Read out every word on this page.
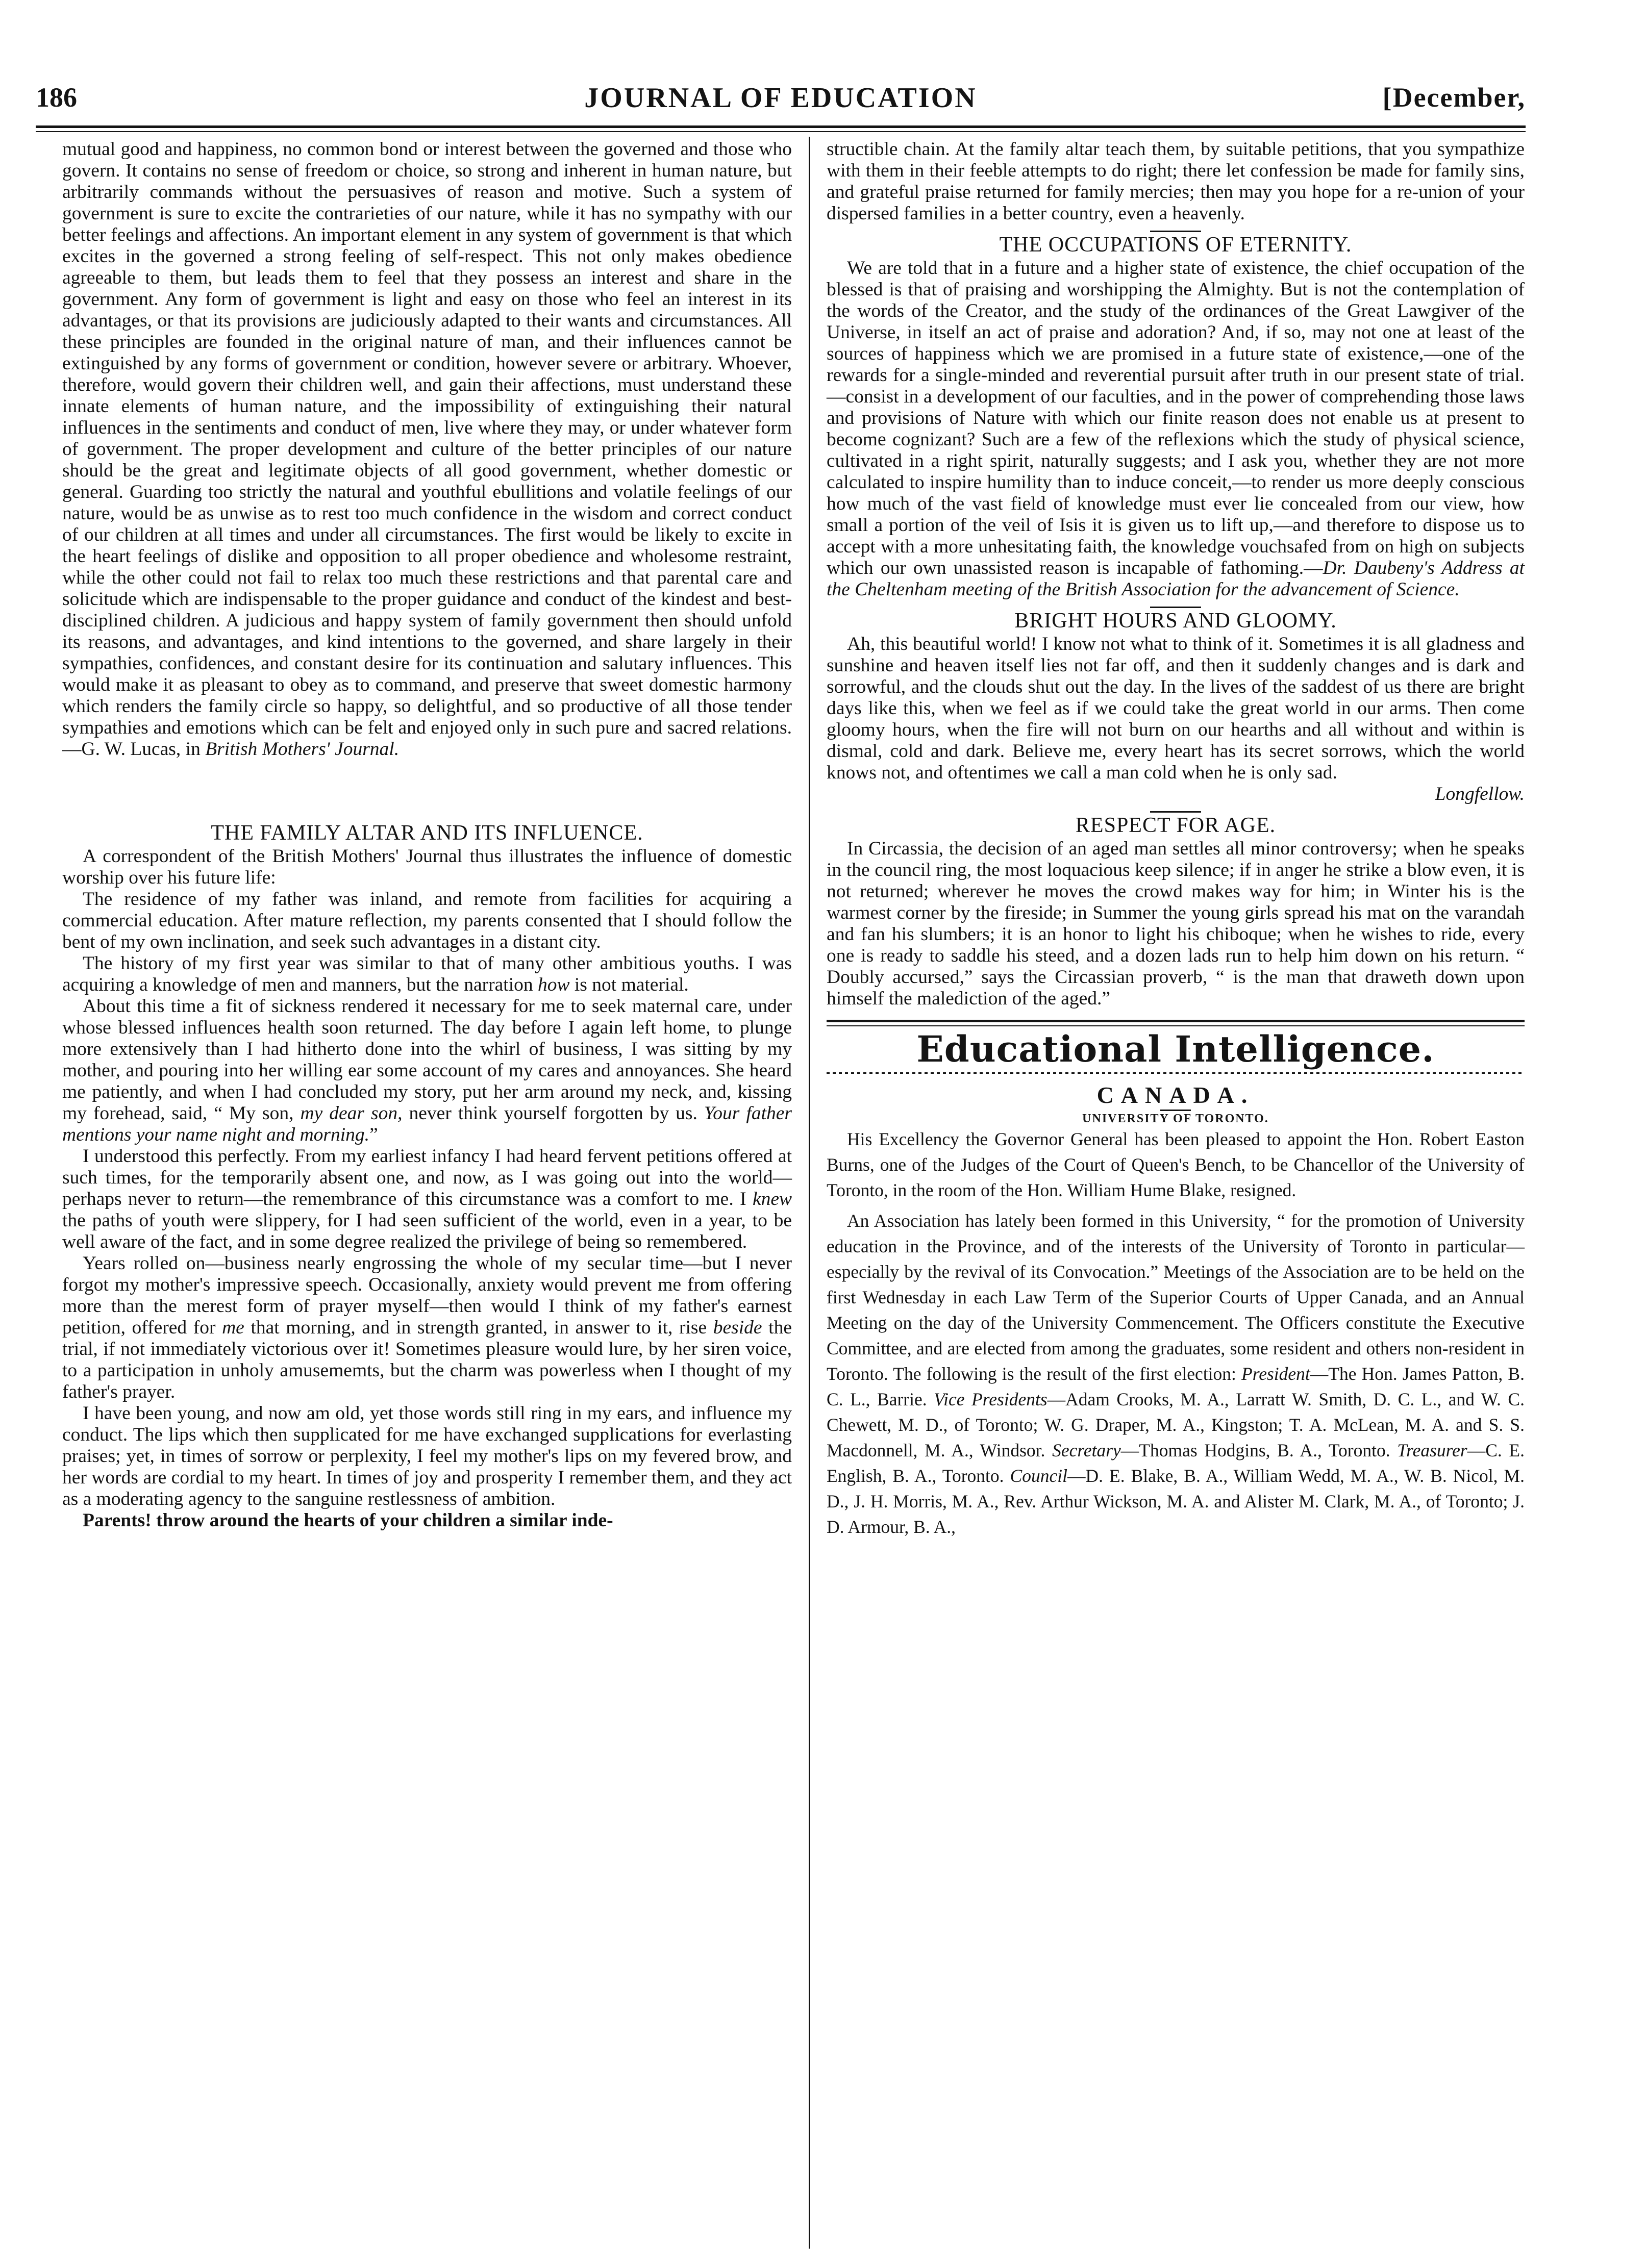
186	JOURNAL OF EDUCATION	[December,

mutual good and happiness, no common bond or interest between the governed and those who govern. It contains no sense of freedom or choice, so strong and inherent in human nature, but arbitrarily commands without the persuasives of reason and motive. Such a system of government is sure to excite the contrarieties of our nature, while it has no sympathy with our better feelings and affections. An important element in any system of government is that which excites in the governed a strong feeling of self-respect. This not only makes obedience agreeable to them, but leads them to feel that they possess an interest and share in the government. Any form of government is light and easy on those who feel an interest in its advantages, or that its provisions are judiciously adapted to their wants and circumstances. All these principles are founded in the original nature of man, and their influences cannot be extinguished by any forms of government or condition, however severe or arbitrary. Whoever, therefore, would govern their children well, and gain their affections, must understand these innate elements of human nature, and the impossibility of extinguishing their natural influences in the sentiments and conduct of men, live where they may, or under whatever form of government. The proper development and culture of the better principles of our nature should be the great and legitimate objects of all good government, whether domestic or general. Guarding too strictly the natural and youthful ebullitions and volatile feelings of our nature, would be as unwise as to rest too much confidence in the wisdom and correct conduct of our children at all times and under all circumstances. The first would be likely to excite in the heart feelings of dislike and opposition to all proper obedience and wholesome restraint, while the other could not fail to relax too much these restrictions and that parental care and solicitude which are indispensable to the proper guidance and conduct of the kindest and best-disciplined children. A judicious and happy system of family government then should unfold its reasons, and advantages, and kind intentions to the governed, and share largely in their sympathies, confidences, and constant desire for its continuation and salutary influences. This would make it as pleasant to obey as to command, and preserve that sweet domestic harmony which renders the family circle so happy, so delightful, and so productive of all those tender sympathies and emotions which can be felt and enjoyed only in such pure and sacred relations.—G. W. Lucas, in British Mothers' Journal.

THE FAMILY ALTAR AND ITS INFLUENCE.

A correspondent of the British Mothers' Journal thus illustrates the influence of domestic worship over his future life:

The residence of my father was inland, and remote from facilities for acquiring a commercial education. After mature reflection, my parents consented that I should follow the bent of my own inclination, and seek such advantages in a distant city.

The history of my first year was similar to that of many other ambitious youths. I was acquiring a knowledge of men and manners, but the narration how is not material.

About this time a fit of sickness rendered it necessary for me to seek maternal care, under whose blessed influences health soon returned. The day before I again left home, to plunge more extensively than I had hitherto done into the whirl of business, I was sitting by my mother, and pouring into her willing ear some account of my cares and annoyances. She heard me patiently, and when I had concluded my story, put her arm around my neck, and, kissing my forehead, said, “ My son, my dear son, never think yourself forgotten by us. Your father mentions your name night and morning.”

I understood this perfectly. From my earliest infancy I had heard fervent petitions offered at such times, for the temporarily absent one, and now, as I was going out into the world—perhaps never to return—the remembrance of this circumstance was a comfort to me. I knew the paths of youth were slippery, for I had seen sufficient of the world, even in a year, to be well aware of the fact, and in some degree realized the privilege of being so remembered.

Years rolled on—business nearly engrossing the whole of my secular time—but I never forgot my mother's impressive speech. Occasionally, anxiety would prevent me from offering more than the merest form of prayer myself—then would I think of my father's earnest petition, offered for me that morning, and in strength granted, in answer to it, rise beside the trial, if not immediately victorious over it! Sometimes pleasure would lure, by her siren voice, to a participation in unholy amusememts, but the charm was powerless when I thought of my father's prayer.

I have been young, and now am old, yet those words still ring in my ears, and influence my conduct. The lips which then supplicated for me have exchanged supplications for everlasting praises; yet, in times of sorrow or perplexity, I feel my mother's lips on my fevered brow, and her words are cordial to my heart. In times of joy and prosperity I remember them, and they act as a moderating agency to the sanguine restlessness of ambition.

Parents! throw around the hearts of your children a similar inde-

structible chain. At the family altar teach them, by suitable petitions, that you sympathize with them in their feeble attempts to do right; there let confession be made for family sins, and grateful praise returned for family mercies; then may you hope for a re-union of your dispersed families in a better country, even a heavenly.

THE OCCUPATIONS OF ETERNITY.

We are told that in a future and a higher state of existence, the chief occupation of the blessed is that of praising and worshipping the Almighty. But is not the contemplation of the words of the Creator, and the study of the ordinances of the Great Lawgiver of the Universe, in itself an act of praise and adoration? And, if so, may not one at least of the sources of happiness which we are promised in a future state of existence,—one of the rewards for a single-minded and reverential pursuit after truth in our present state of trial.—consist in a development of our faculties, and in the power of comprehending those laws and provisions of Nature with which our finite reason does not enable us at present to become cognizant? Such are a few of the reflexions which the study of physical science, cultivated in a right spirit, naturally suggests; and I ask you, whether they are not more calculated to inspire humility than to induce conceit,—to render us more deeply conscious how much of the vast field of knowledge must ever lie concealed from our view, how small a portion of the veil of Isis it is given us to lift up,—and therefore to dispose us to accept with a more unhesitating faith, the knowledge vouchsafed from on high on subjects which our own unassisted reason is incapable of fathoming.—Dr. Daubeny's Address at the Cheltenham meeting of the British Association for the advancement of Science.

BRIGHT HOURS AND GLOOMY.

Ah, this beautiful world! I know not what to think of it. Sometimes it is all gladness and sunshine and heaven itself lies not far off, and then it suddenly changes and is dark and sorrowful, and the clouds shut out the day. In the lives of the saddest of us there are bright days like this, when we feel as if we could take the great world in our arms. Then come gloomy hours, when the fire will not burn on our hearths and all without and within is dismal, cold and dark. Believe me, every heart has its secret sorrows, which the world knows not, and oftentimes we call a man cold when he is only sad.

Longfellow.
RESPECT FOR AGE.

In Circassia, the decision of an aged man settles all minor controversy; when he speaks in the council ring, the most loquacious keep silence; if in anger he strike a blow even, it is not returned; wherever he moves the crowd makes way for him; in Winter his is the warmest corner by the fireside; in Summer the young girls spread his mat on the varandah and fan his slumbers; it is an honor to light his chiboque; when he wishes to ride, every one is ready to saddle his steed, and a dozen lads run to help him down on his return. “ Doubly accursed,” says the Circassian proverb, “ is the man that draweth down upon himself the malediction of the aged.”

Educational Intelligence.
CANADA.
UNIVERSITY OF TORONTO.

His Excellency the Governor General has been pleased to appoint the Hon. Robert Easton Burns, one of the Judges of the Court of Queen's Bench, to be Chancellor of the University of Toronto, in the room of the Hon. William Hume Blake, resigned.

An Association has lately been formed in this University, “ for the promotion of University education in the Province, and of the interests of the University of Toronto in particular—especially by the revival of its Convocation.” Meetings of the Association are to be held on the first Wednesday in each Law Term of the Superior Courts of Upper Canada, and an Annual Meeting on the day of the University Commencement. The Officers constitute the Executive Committee, and are elected from among the graduates, some resident and others non-resident in Toronto. The following is the result of the first election: President—The Hon. James Patton, B. C. L., Barrie. Vice Presidents—Adam Crooks, M. A., Larratt W. Smith, D. C. L., and W. C. Chewett, M. D., of Toronto; W. G. Draper, M. A., Kingston; T. A. McLean, M. A. and S. S. Macdonnell, M. A., Windsor. Secretary—Thomas Hodgins, B. A., Toronto. Treasurer—C. E. English, B. A., Toronto. Council—D. E. Blake, B. A., William Wedd, M. A., W. B. Nicol, M. D., J. H. Morris, M. A., Rev. Arthur Wickson, M. A. and Alister M. Clark, M. A., of Toronto; J. D. Armour, B. A.,
